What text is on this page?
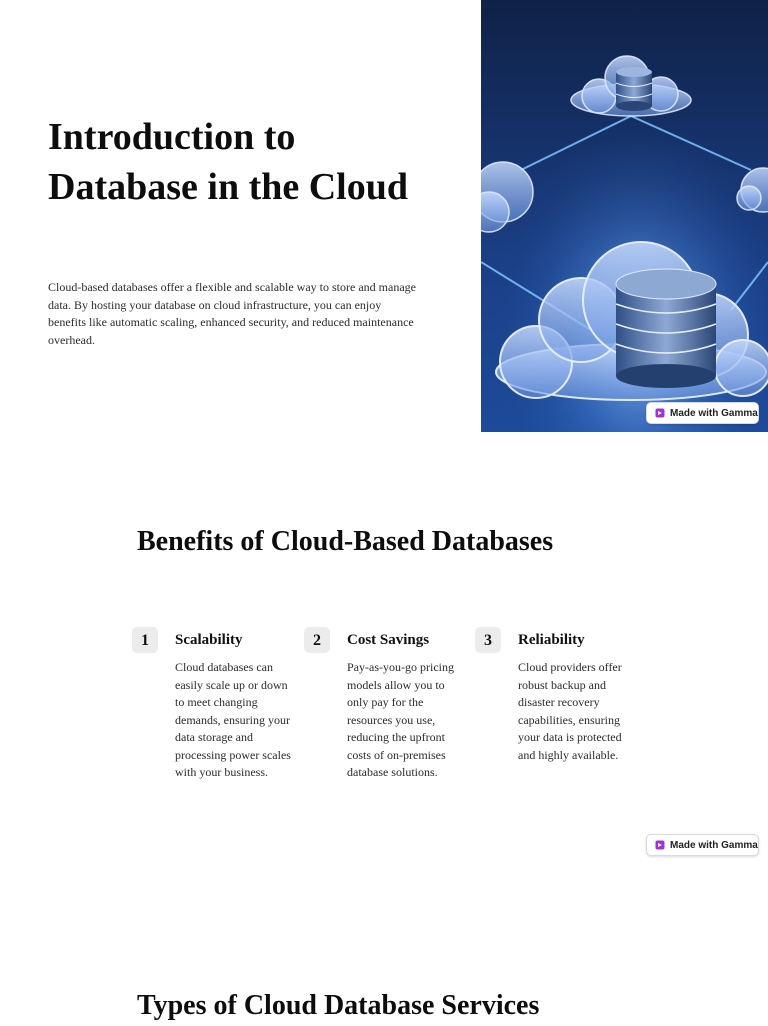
Introduction to
Database in the Cloud

Cloud-based databases offer a flexible and scalable way to store and manage data. By hosting your database on cloud infrastructure, you can enjoy benefits like automatic scaling, enhanced security, and reduced maintenance overhead.

Made with Gamma
Benefits of Cloud-Based Databases
1	Scalability

Cloud databases can easily scale up or down to meet changing demands, ensuring your data storage and processing power scales with your business.

2	Cost Savings

Pay-as-you-go pricing models allow you to only pay for the resources you use, reducing the upfront costs of on-premises database solutions.

3	Reliability

Cloud providers offer robust backup and disaster recovery capabilities, ensuring your data is protected and highly available.

Made with Gamma
Types of Cloud Database Services
